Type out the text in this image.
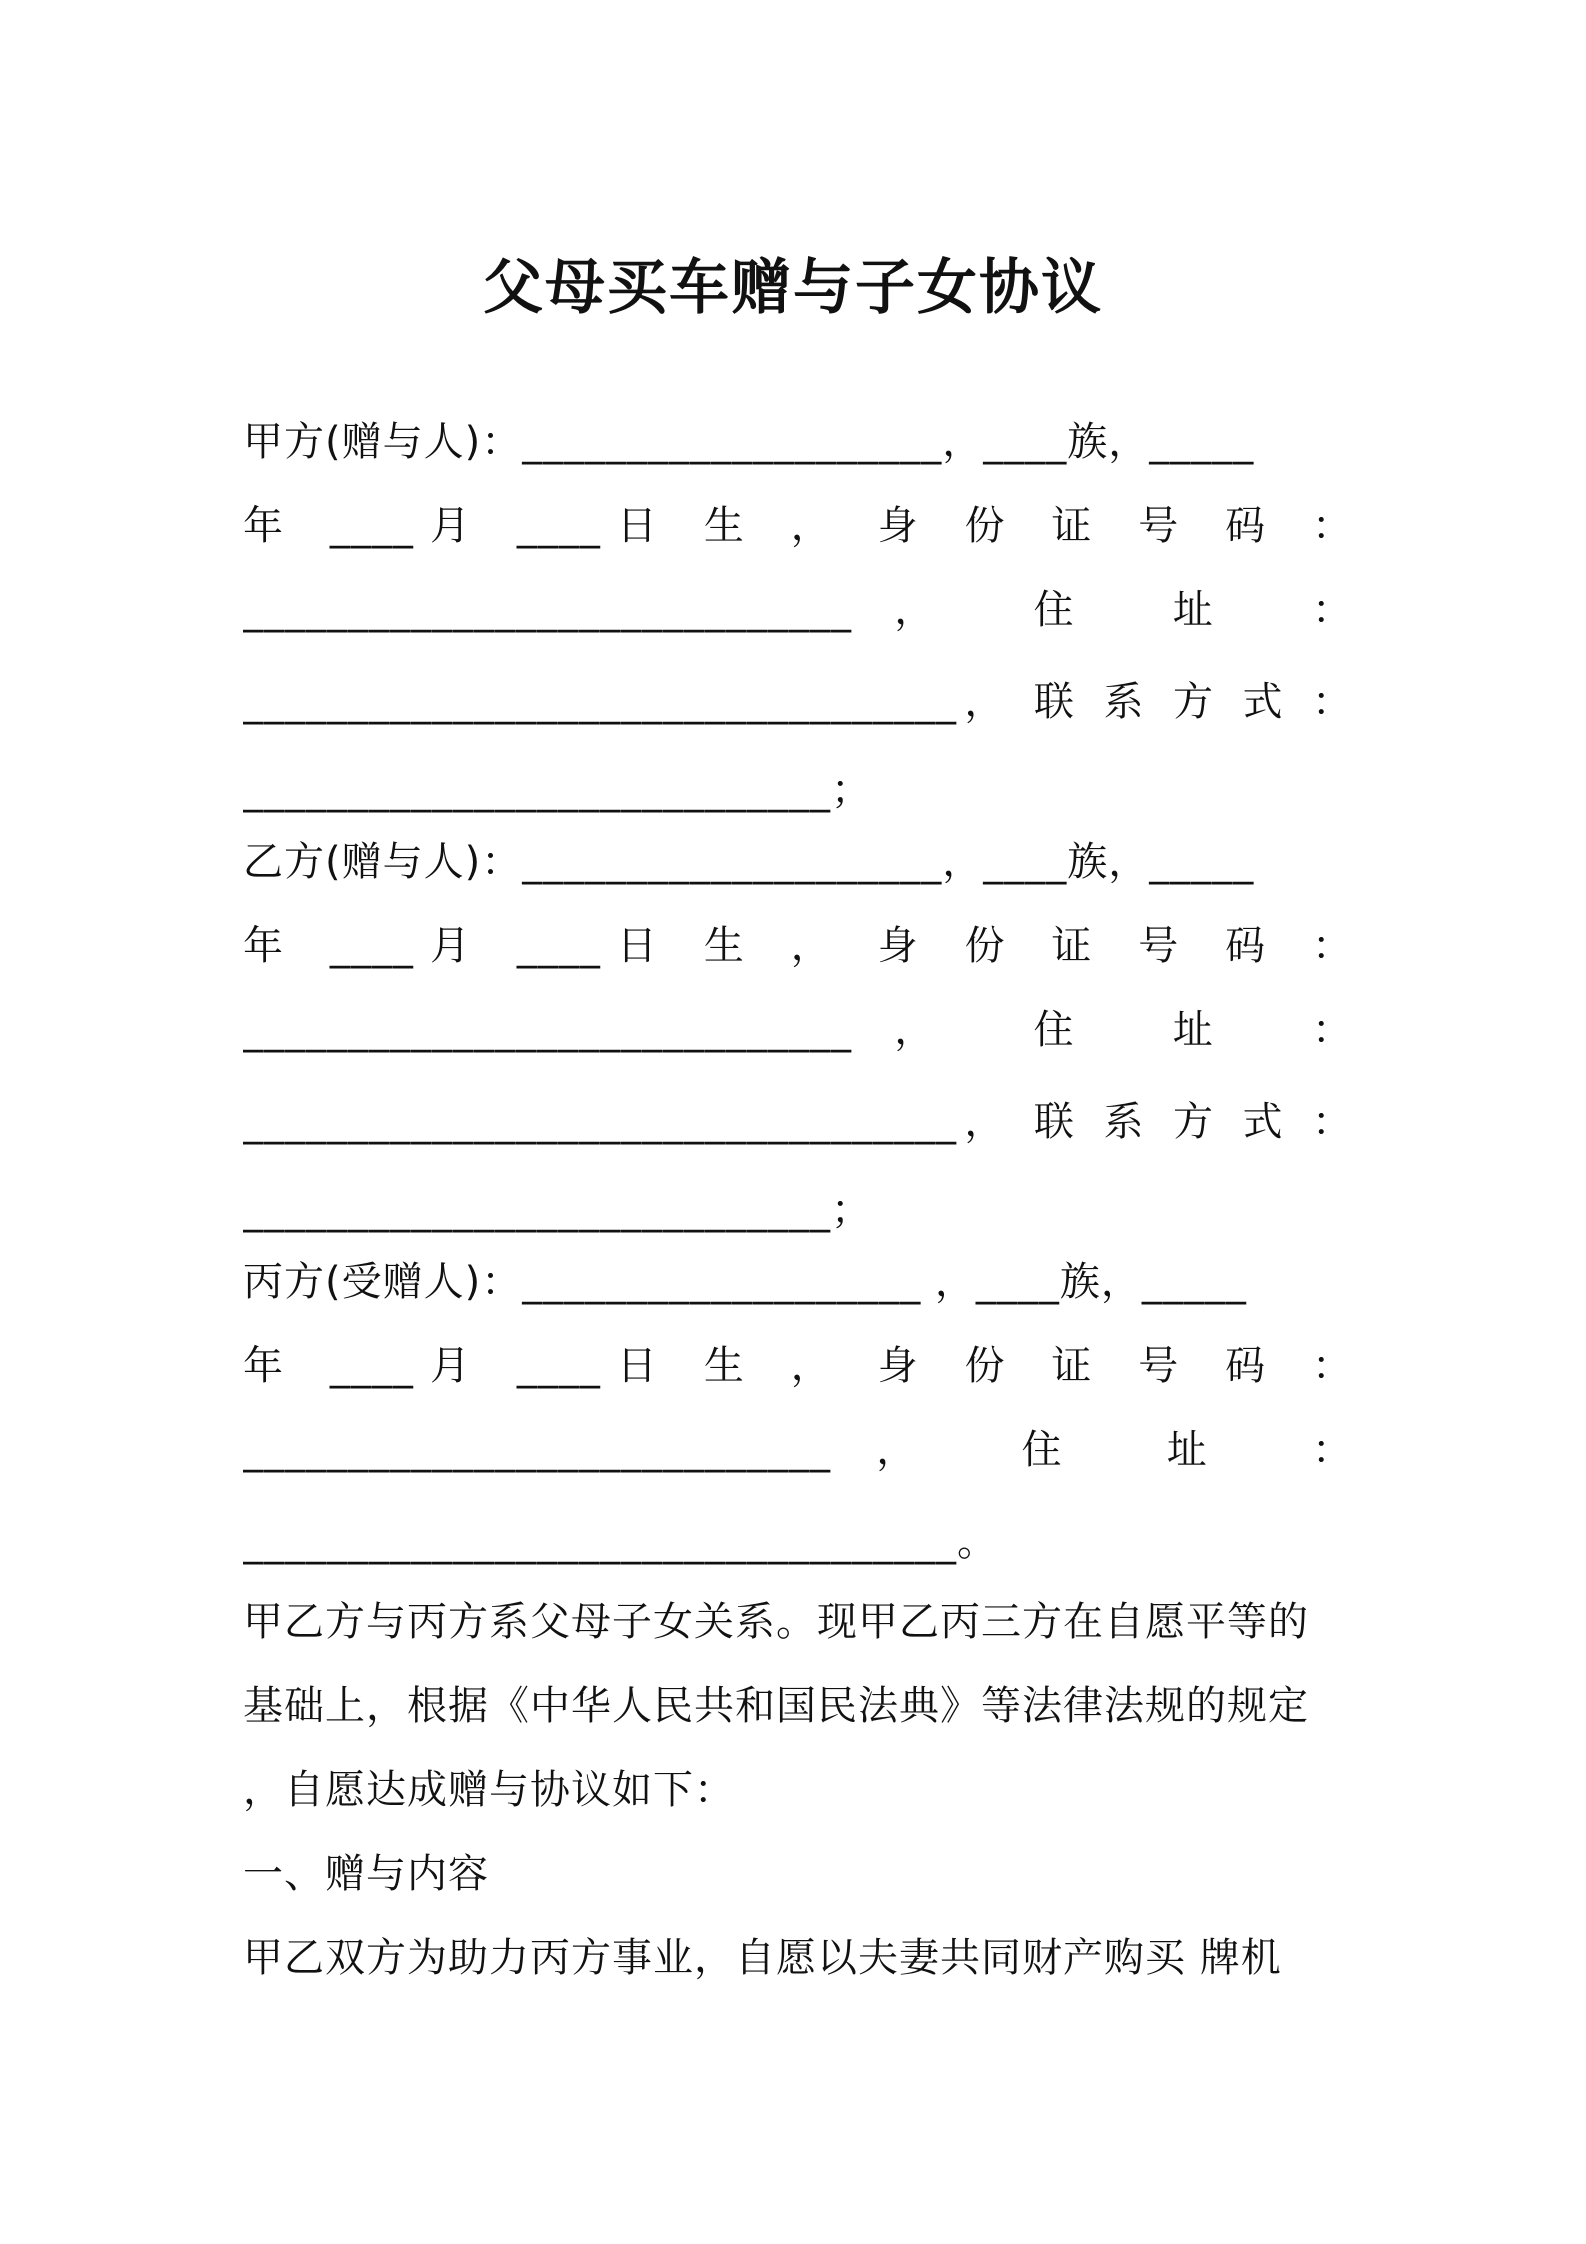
父母买车赠与子女协议
甲方(赠与人)：____________________，____族，_____
年 ____月 ____日 生 ， 身 份 证 号 码 ：
_____________________________， 住 址 ：
__________________________________， 联 系 方 式 ：
____________________________；
乙方(赠与人)：____________________，____族，_____
年 ____月 ____日 生 ， 身 份 证 号 码 ：
_____________________________， 住 址 ：
__________________________________， 联 系 方 式 ：
____________________________；
丙方(受赠人)：___________________ ，____族，_____
年 ____月 ____日 生 ， 身 份 证 号 码 ：
____________________________， 住 址 ：
__________________________________。
甲乙方与丙方系父母子女关系。现甲乙丙三方在自愿平等的
基础上，根据《中华人民共和国民法典》等法律法规的规定
，自愿达成赠与协议如下：
一、赠与内容
甲乙双方为助力丙方事业，自愿以夫妻共同财产购买 牌机
